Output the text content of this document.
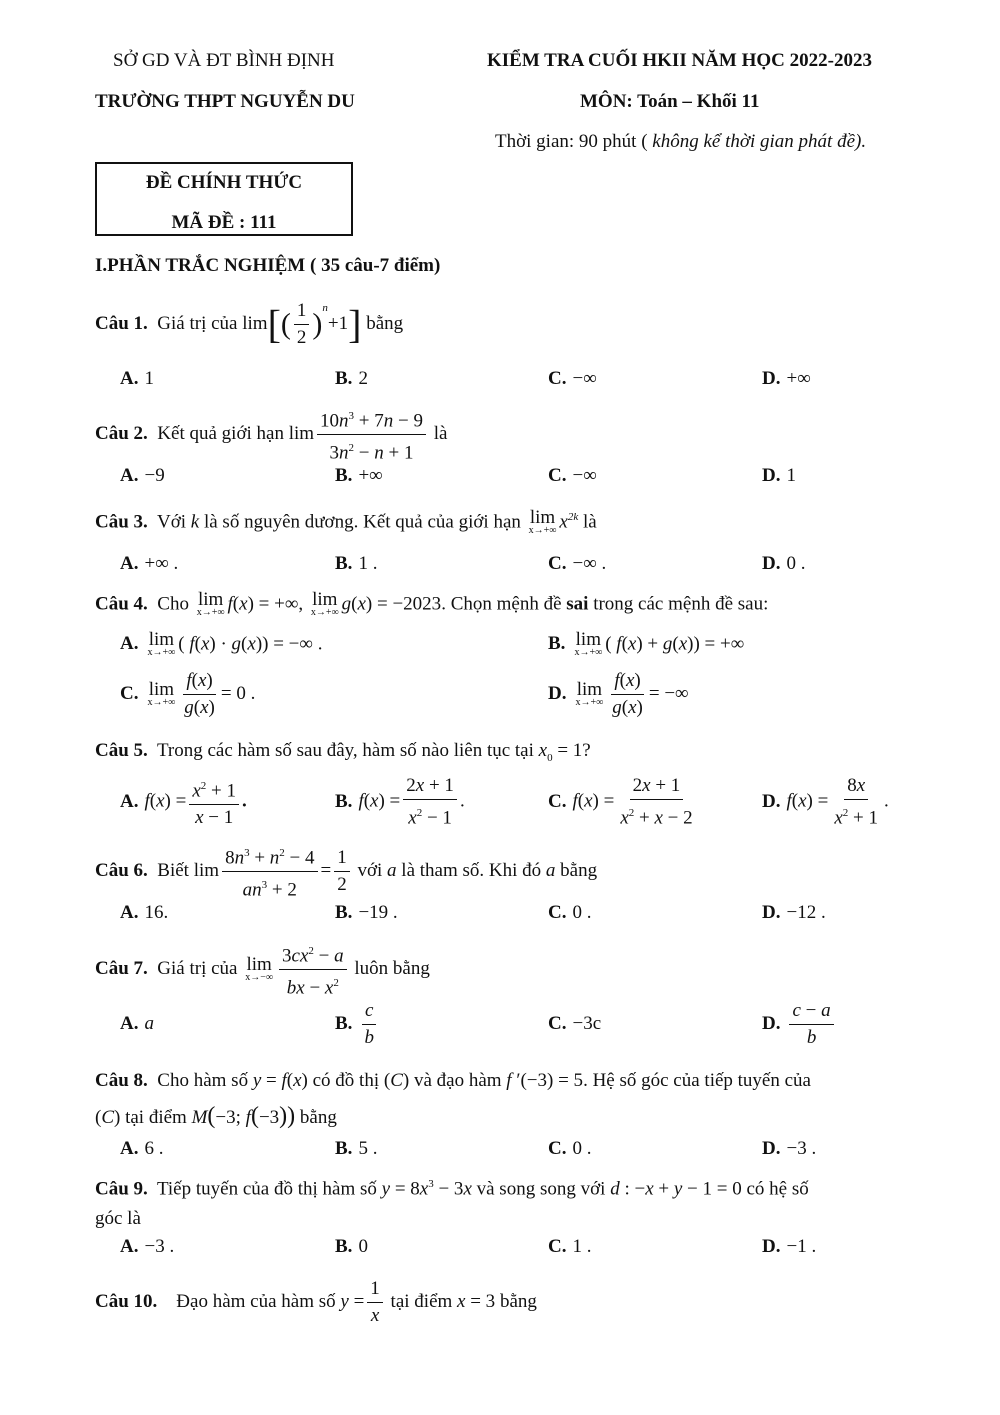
SỞ GD VÀ ĐT BÌNH ĐỊNH
TRƯỜNG THPT NGUYỄN DU
KIỂM TRA CUỐI HKII NĂM HỌC 2022-2023
MÔN: Toán – Khối 11
Thời gian: 90 phút ( không kể thời gian phát đề).
ĐỀ CHÍNH THỨC
MÃ ĐỀ : 111
I.PHẦN TRẮC NGHIỆM ( 35 câu-7 điểm)
Câu 1. Giá trị của $\lim[( \frac{1}{2} )^n+1]$ bằng
A. 1	B. 2	C. −∞	D. +∞
Câu 2. Kết quả giới hạn $\lim \frac{10n^3 + 7n - 9}{3n^2 - n + 1}$ là
A. −9	B. +∞	C. −∞	D. 1
Câu 3. Với k là số nguyên dương. Kết quả của giới hạn lim
x→+∞ $x^{2k}$ là
A. +∞ .	B. 1 .	C. −∞ .	D. 0 .
Câu 4. Cho lim
x→+∞ f(x) = +∞, lim
x→+∞ g(x) = −2023. Chọn mệnh đề sai trong các mệnh đề sau:
A. lim
x→+∞ ( f(x) · g(x)) = −∞ .	B. lim
x→+∞ ( f(x) + g(x)) = +∞
C. lim
$x\to+\infty \frac{f(x)}{g(x)} = 0$ .	D. lim
$x\to+\infty \frac{f(x)}{g(x)}$ = −∞
Câu 5. Trong các hàm số sau đây, hàm số nào liên tục tại $x_0 = 1$?
A. $f(x) = \frac{x^2 + 1}{x - 1}$ .	B. $f(x) = \frac{2x + 1}{x^2 - 1}$ .	C. $f(x) = \frac{2x + 1}{x^2 + x - 2}$	D. $f(x) = \frac{8x}{x^2 + 1}$ .
Câu 6. Biết $\lim \frac{8n^3 + n^2 - 4}{an^3 + 2} = \frac{1}{2}$ với a là tham số. Khi đó a bằng
A. 16.	B. −19 .	C. 0 .	D. −12 .
Câu 7. Giá trị của lim
$x\to-\infty \frac{3cx^2 - a}{bx - x^2}$ luôn bằng
A. a	B. $\frac{c}{b}$	C. −3c	D. $\frac{c - a}{b}$
Câu 8. Cho hàm số y = f(x) có đồ thị (C) và đạo hàm f ′(−3) = 5. Hệ số góc của tiếp tuyến của
(C) tại điểm M(−3; f(−3)) bằng
A. 6 .	B. 5 .	C. 0 .	D. −3 .
Câu 9. Tiếp tuyến của đồ thị hàm số $y = 8x^3 - 3x$ và song song với d : −x + y − 1 = 0 có hệ số
góc là
A. −3 .	B. 0	C. 1 .	D. −1 .
Câu 10. Đạo hàm của hàm số $y = \frac{1}{x}$ tại điểm x = 3 bằng
